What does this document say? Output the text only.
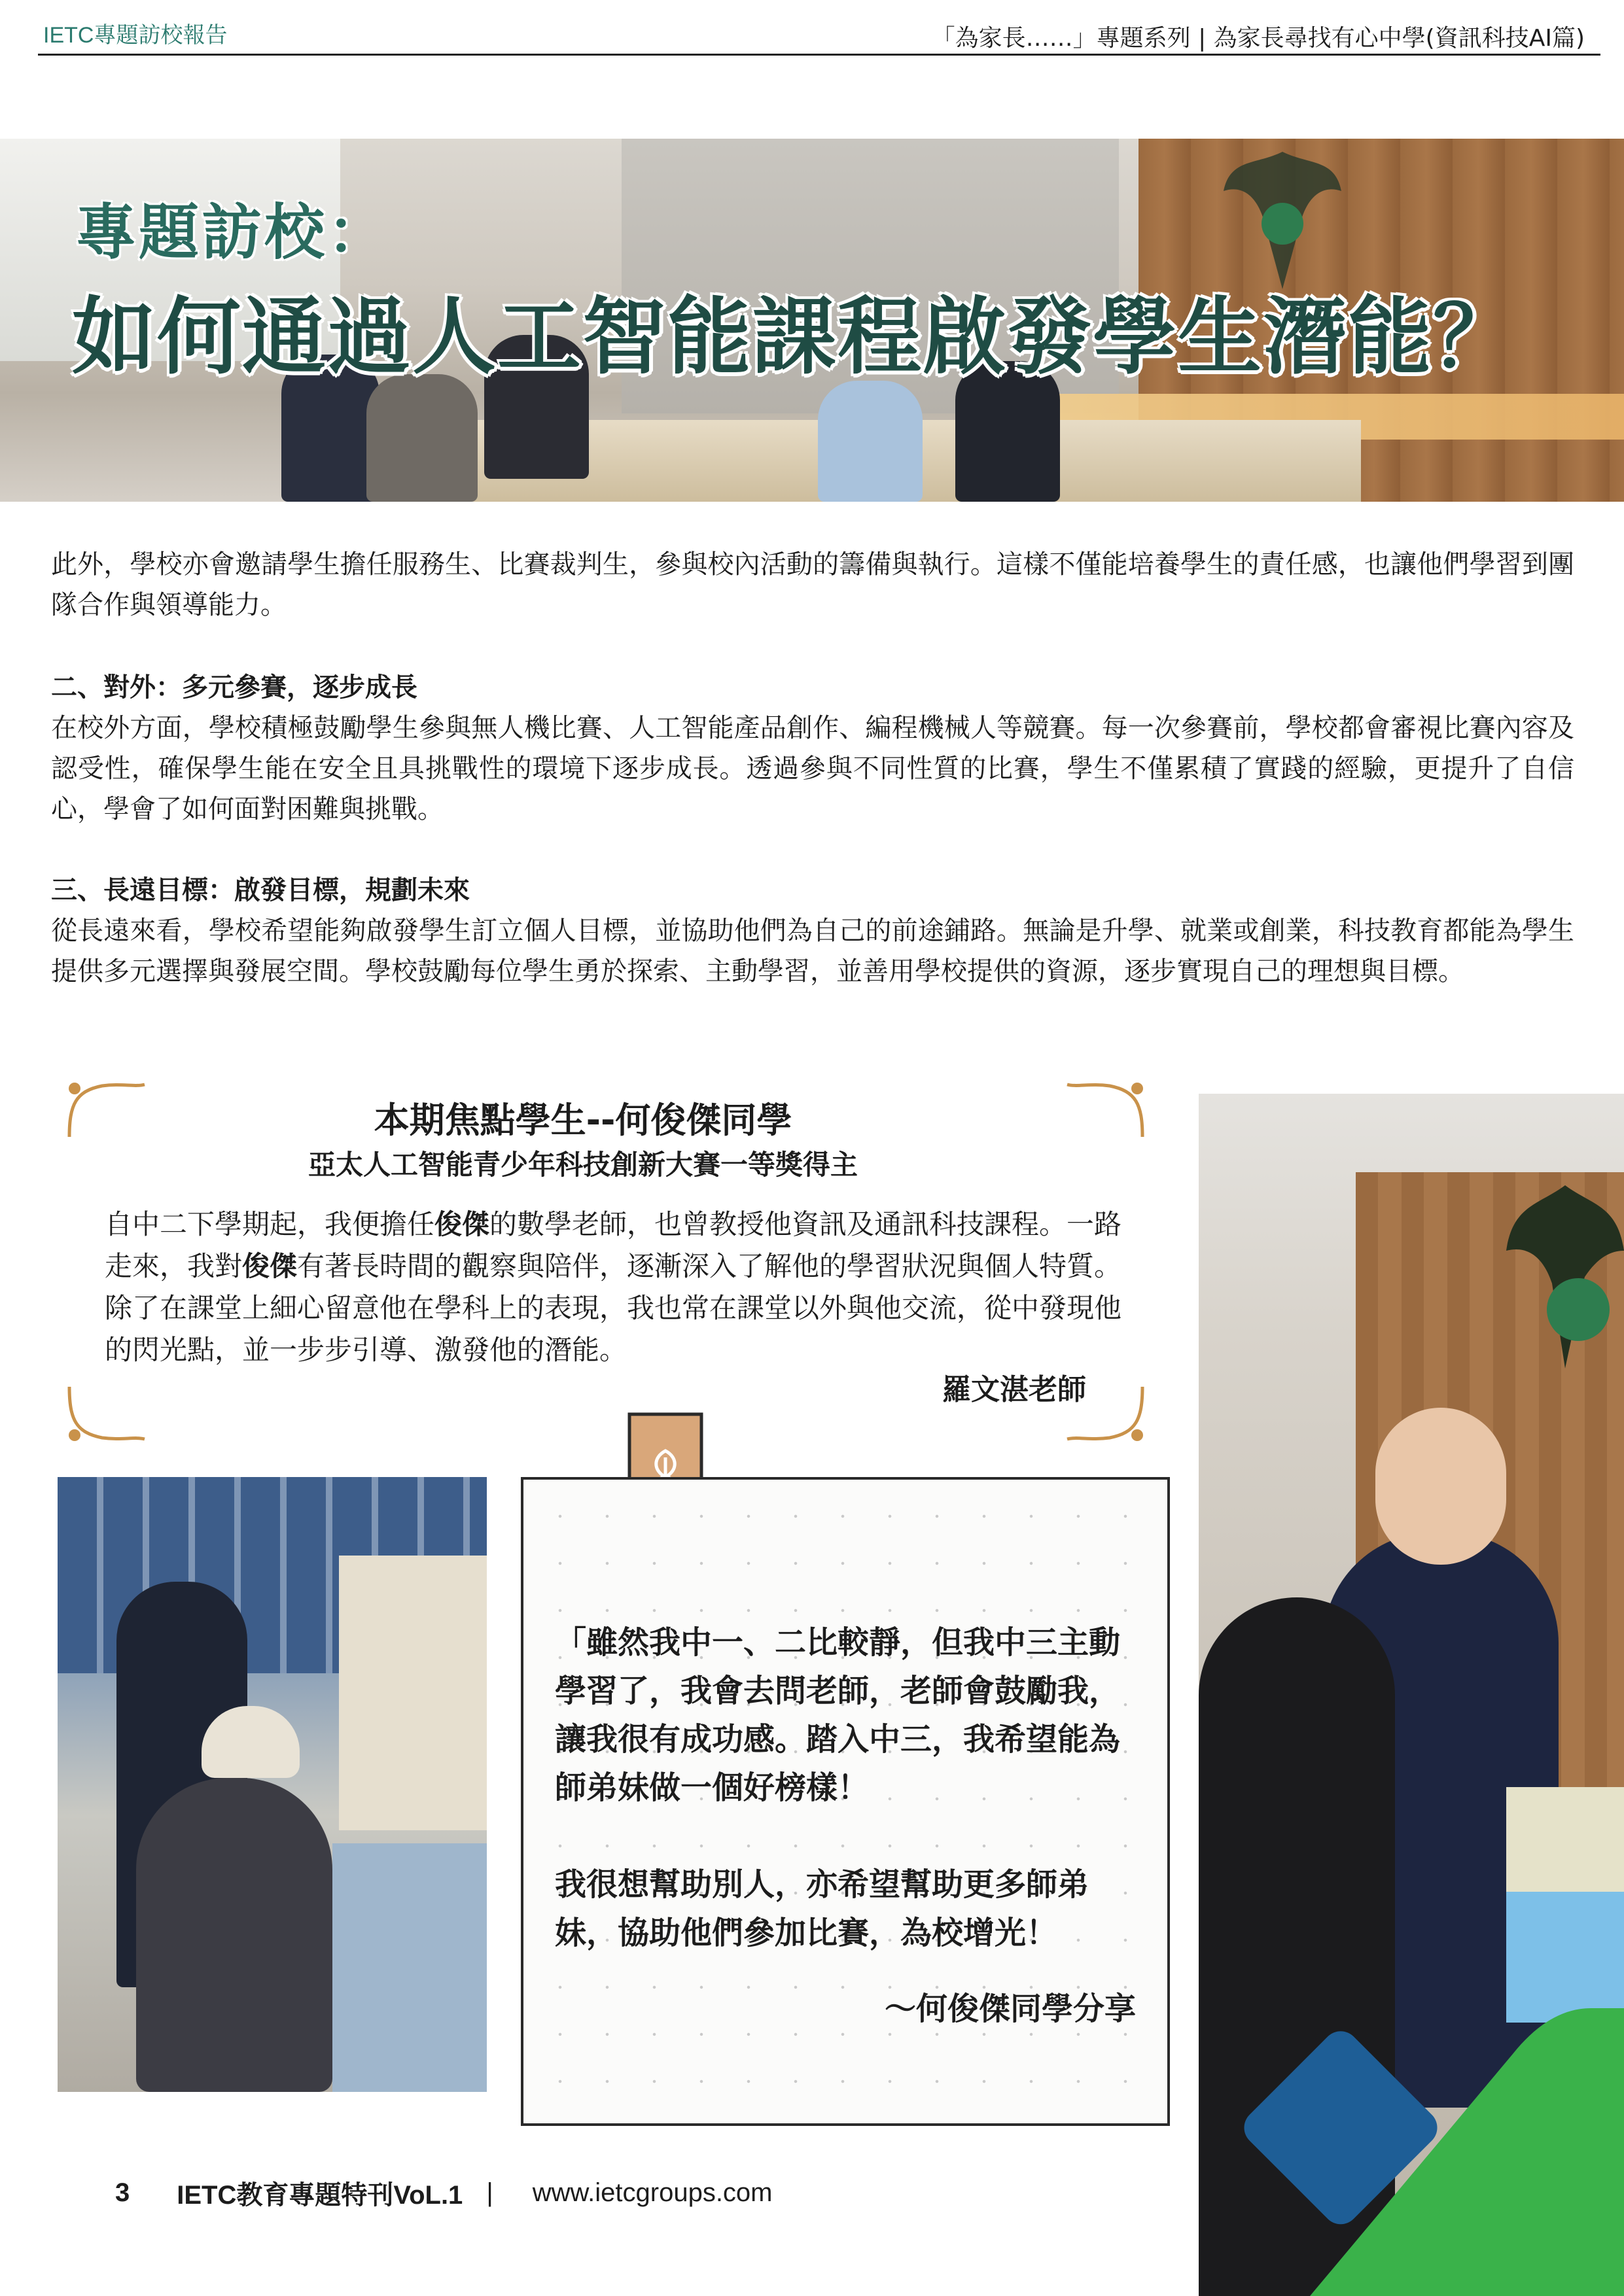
IETC專題訪校報告	「為家長……」專題系列 | 為家長尋找有心中學(資訊科技AI篇)
專題訪校：
如何通過人工智能課程啟發學生潛能？

此外，學校亦會邀請學生擔任服務生、比賽裁判生，參與校內活動的籌備與執行。這樣不僅能培養學生的責任感，也讓他們學習到團隊合作與領導能力。

二、對外：多元參賽，逐步成長

在校外方面，學校積極鼓勵學生參與無人機比賽、人工智能產品創作、編程機械人等競賽。每一次參賽前，學校都會審視比賽內容及認受性，確保學生能在安全且具挑戰性的環境下逐步成長。透過參與不同性質的比賽，學生不僅累積了實踐的經驗，更提升了自信心，學會了如何面對困難與挑戰。

三、長遠目標：啟發目標，規劃未來

從長遠來看，學校希望能夠啟發學生訂立個人目標，並協助他們為自己的前途鋪路。無論是升學、就業或創業，科技教育都能為學生提供多元選擇與發展空間。學校鼓勵每位學生勇於探索、主動學習，並善用學校提供的資源，逐步實現自己的理想與目標。

本期焦點學生--何俊傑同學
亞太人工智能青少年科技創新大賽一等獎得主
自中二下學期起，我便擔任俊傑的數學老師，也曾教授他資訊及通訊科技課程。一路走來，我對俊傑有著長時間的觀察與陪伴，逐漸深入了解他的學習狀況與個人特質。除了在課堂上細心留意他在學科上的表現，我也常在課堂以外與他交流，從中發現他的閃光點，並一步步引導、激發他的潛能。
羅文湛老師

「雖然我中一、二比較靜，但我中三主動學習了，我會去問老師，老師會鼓勵我，讓我很有成功感。踏入中三，我希望能為師弟妹做一個好榜樣！

我很想幫助別人，亦希望幫助更多師弟妹，協助他們參加比賽，為校增光！

～何俊傑同學分享
3 IETC教育專題特刊VoL.1 | www.ietcgroups.com
